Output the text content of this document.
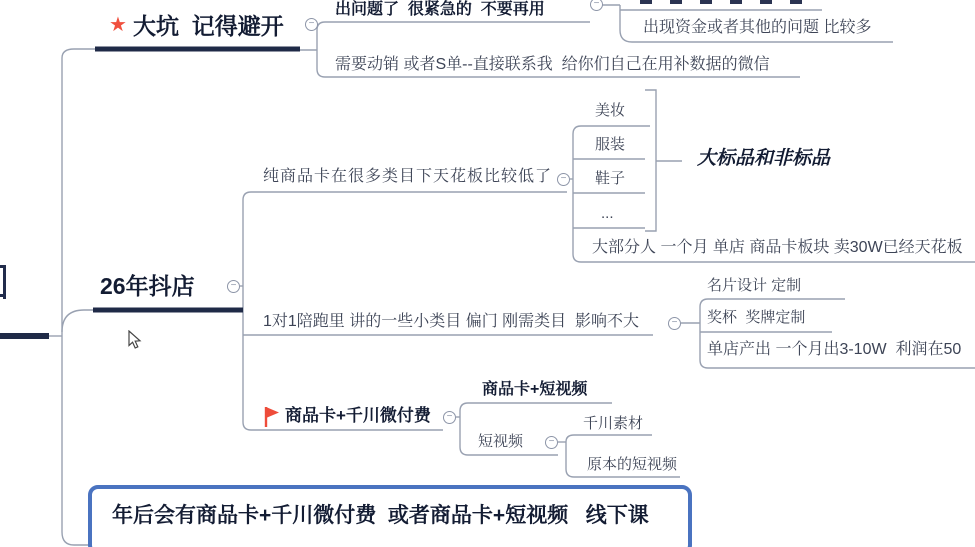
★ 大坑  记得避开
出问题了  很紧急的  不要再用
出现资金或者其他的问题 比较多
需要动销 或者S单--直接联系我  给你们自己在用补数据的微信
26年抖店
纯商品卡在很多类目下天花板比较低了
美妆
服装
鞋子
...
大标品和非标品
大部分人 一个月 单店 商品卡板块 卖30W已经天花板
1对1陪跑里 讲的一些小类目 偏门 刚需类目  影响不大
名片设计 定制
奖杯  奖牌定制
单店产出 一个月出3-10W  利润在50
商品卡+千川微付费
商品卡+短视频
短视频
千川素材
原本的短视频
年后会有商品卡+千川微付费  或者商品卡+短视频   线下课
−
−
−
−
−
−
−
